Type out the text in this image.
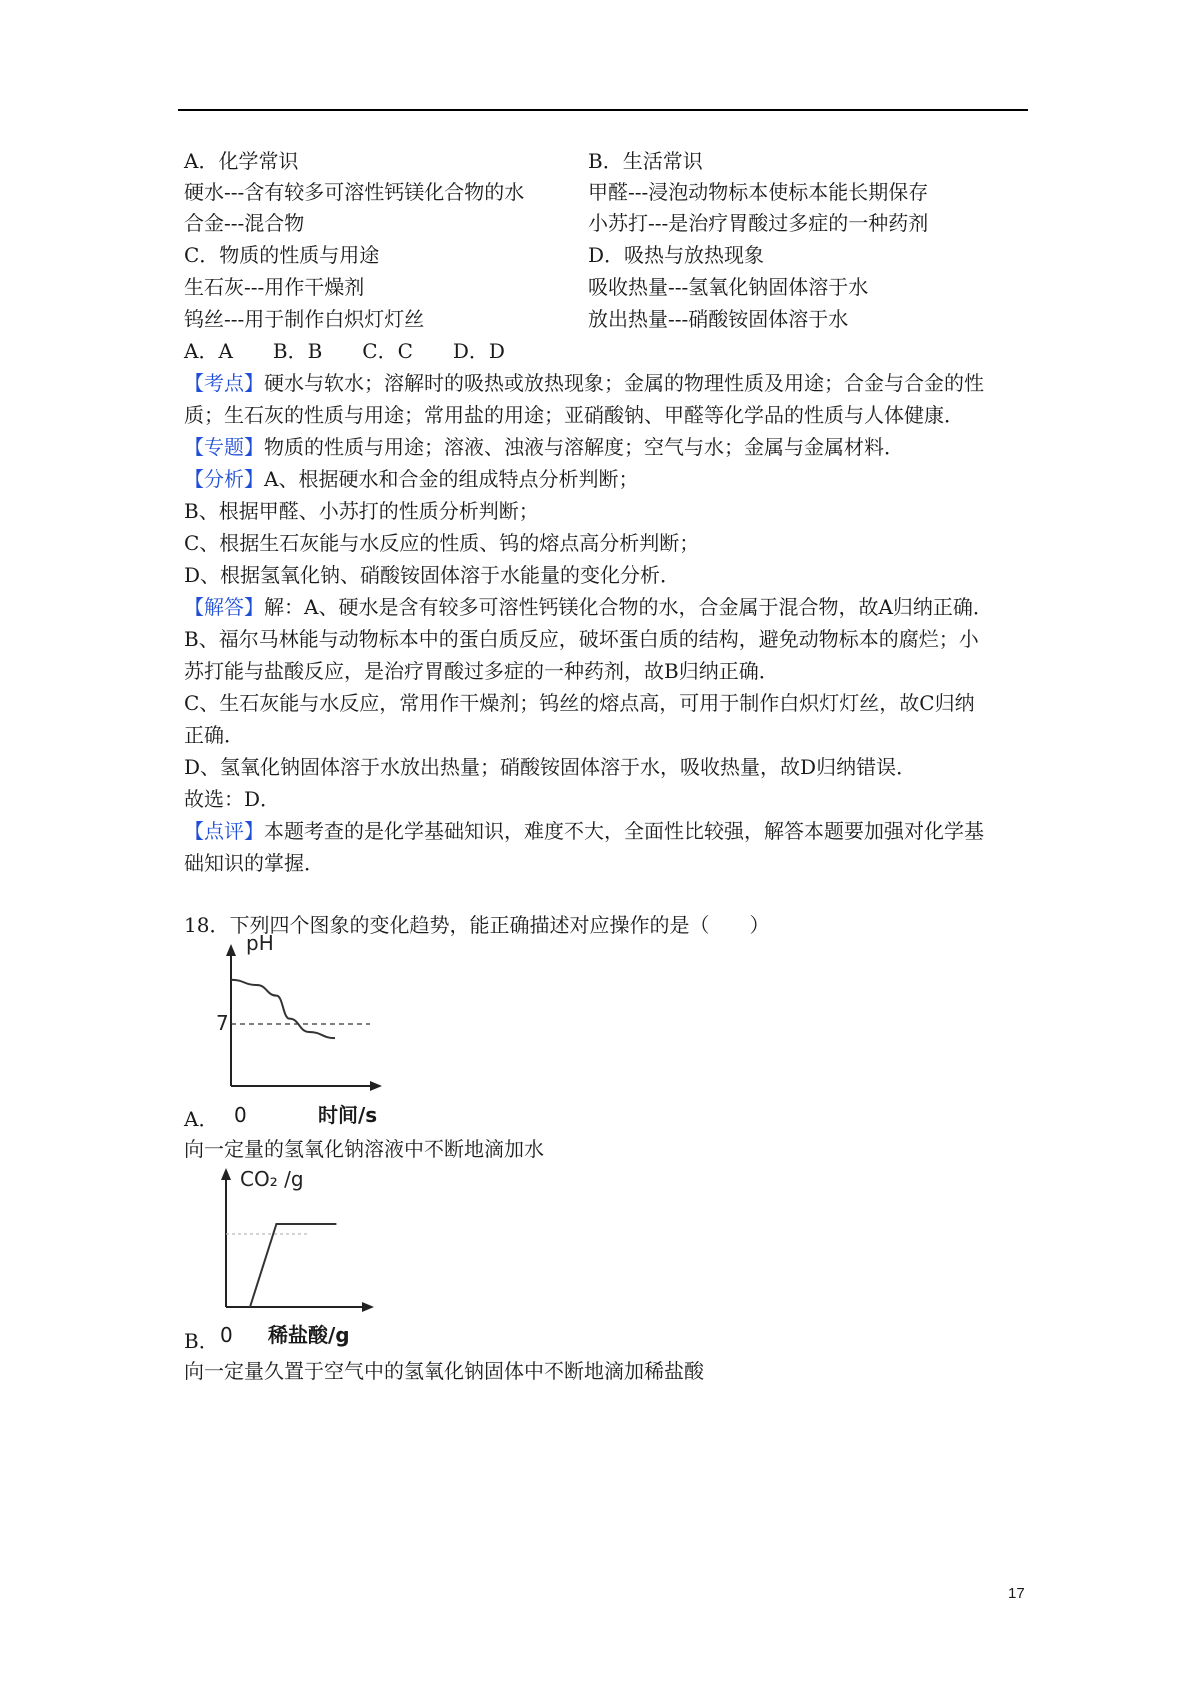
A．化学常识	B．生活常识
硬水---含有较多可溶性钙镁化合物的水	甲醛---浸泡动物标本使标本能长期保存
合金---混合物	小苏打---是治疗胃酸过多症的一种药剂
C．物质的性质与用途	D．吸热与放热现象
生石灰---用作干燥剂	吸收热量---氢氧化钠固体溶于水
钨丝---用于制作白炽灯灯丝	放出热量---硝酸铵固体溶于水
A．A　　B．B　　C．C　　D．D
【考点】硬水与软水；溶解时的吸热或放热现象；金属的物理性质及用途；合金与合金的性
质；生石灰的性质与用途；常用盐的用途；亚硝酸钠、甲醛等化学品的性质与人体健康．
【专题】物质的性质与用途；溶液、浊液与溶解度；空气与水；金属与金属材料．
【分析】A、根据硬水和合金的组成特点分析判断；
B、根据甲醛、小苏打的性质分析判断；
C、根据生石灰能与水反应的性质、钨的熔点高分析判断；
D、根据氢氧化钠、硝酸铵固体溶于水能量的变化分析．
【解答】解：A、硬水是含有较多可溶性钙镁化合物的水，合金属于混合物，故A归纳正确．
B、福尔马林能与动物标本中的蛋白质反应，破坏蛋白质的结构，避免动物标本的腐烂；小
苏打能与盐酸反应，是治疗胃酸过多症的一种药剂，故B归纳正确．
C、生石灰能与水反应，常用作干燥剂；钨丝的熔点高，可用于制作白炽灯灯丝，故C归纳
正确．
D、氢氧化钠固体溶于水放出热量；硝酸铵固体溶于水，吸收热量，故D归纳错误．
故选：D．
【点评】本题考查的是化学基础知识，难度不大，全面性比较强，解答本题要加强对化学基
础知识的掌握．
18．下列四个图象的变化趋势，能正确描述对应操作的是（　　）
pH
7
A． 0	时间/s
向一定量的氢氧化钠溶液中不断地滴加水
CO₂ /g
B． 0 稀盐酸/g
向一定量久置于空气中的氢氧化钠固体中不断地滴加稀盐酸
17
